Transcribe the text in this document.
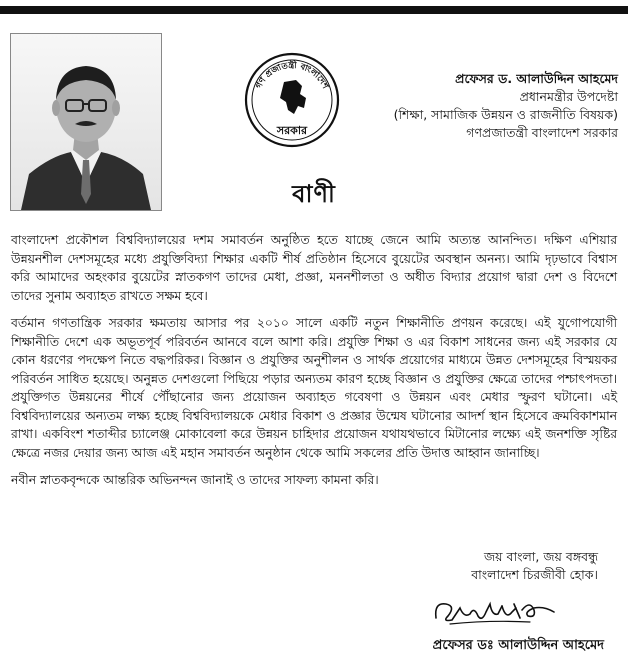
গণ প্রজাতন্ত্রী বাংলাদেশ
সরকার
প্রফেসর ড. আলাউদ্দিন আহমেদ
প্রধানমন্ত্রীর উপদেষ্টা
(শিক্ষা, সামাজিক উন্নয়ন ও রাজনীতি বিষয়ক)
গণপ্রজাতন্ত্রী বাংলাদেশ সরকার
বাণী

বাংলাদেশ প্রকৌশল বিশ্ববিদ্যালয়ের দশম সমাবর্তন অনুষ্ঠিত হতে যাচ্ছে জেনে আমি অত্যন্ত আনন্দিত। দক্ষিণ এশিয়ার উন্নয়নশীল দেশসমূহের মধ্যে প্রযুক্তিবিদ্যা শিক্ষার একটি শীর্ষ প্রতিষ্ঠান হিসেবে বুয়েটের অবস্থান অনন্য। আমি দৃঢ়ভাবে বিশ্বাস করি আমাদের অহংকার বুয়েটের স্নাতকগণ তাদের মেধা, প্রজ্ঞা, মননশীলতা ও অধীত বিদ্যার প্রয়োগ দ্বারা দেশ ও বিদেশে তাদের সুনাম অব্যাহত রাখতে সক্ষম হবে।

বর্তমান গণতান্ত্রিক সরকার ক্ষমতায় আসার পর ২০১০ সালে একটি নতুন শিক্ষানীতি প্রণয়ন করেছে। এই যুগোপযোগী শিক্ষানীতি দেশে এক অভূতপূর্ব পরিবর্তন আনবে বলে আশা করি। প্রযুক্তি শিক্ষা ও এর বিকাশ সাধনের জন্য এই সরকার যে কোন ধরণের পদক্ষেপ নিতে বদ্ধপরিকর। বিজ্ঞান ও প্রযুক্তির অনুশীলন ও সার্থক প্রয়োগের মাধ্যমে উন্নত দেশসমূহের বিস্ময়কর পরিবর্তন সাধিত হয়েছে। অনুন্নত দেশগুলো পিছিয়ে পড়ার অন্যতম কারণ হচ্ছে বিজ্ঞান ও প্রযুক্তির ক্ষেত্রে তাদের পশ্চাৎপদতা। প্রযুক্তিগত উন্নয়নের শীর্ষে পৌঁছানোর জন্য প্রয়োজন অব্যাহত গবেষণা ও উন্নয়ন এবং মেধার স্ফুরণ ঘটানো। এই বিশ্ববিদ্যালয়ের অন্যতম লক্ষ্য হচ্ছে বিশ্ববিদ্যালয়কে মেধার বিকাশ ও প্রজ্ঞার উন্মেষ ঘটানোর আদর্শ স্থান হিসেবে ক্রমবিকাশমান রাখা। একবিংশ শতাব্দীর চ্যালেঞ্জ মোকাবেলা করে উন্নয়ন চাহিদার প্রয়োজন যথাযথভাবে মিটানোর লক্ষ্যে এই জনশক্তি সৃষ্টির ক্ষেত্রে নজর দেয়ার জন্য আজ এই মহান সমাবর্তন অনুষ্ঠান থেকে আমি সকলের প্রতি উদাত্ত আহ্বান জানাচ্ছি।

নবীন স্নাতকবৃন্দকে আন্তরিক অভিনন্দন জানাই ও তাদের সাফল্য কামনা করি।

জয় বাংলা, জয় বঙ্গবন্ধু
বাংলাদেশ চিরজীবী হোক।
প্রফেসর ডঃ আলাউদ্দিন আহমেদ
